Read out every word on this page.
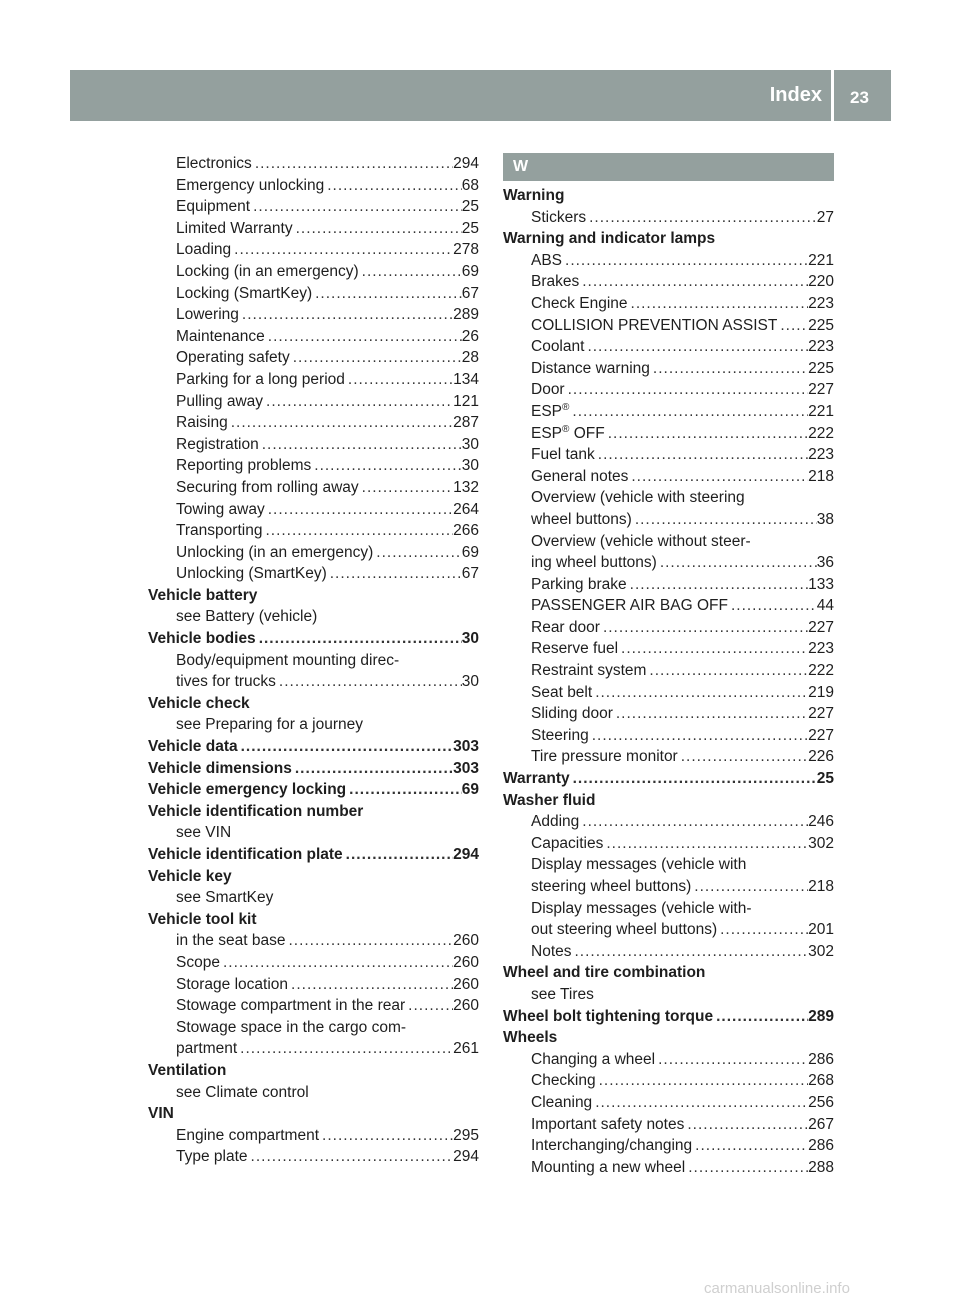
Index 23
Electronics .....	294
Emergency unlocking .....	68
Equipment .....	25
Limited Warranty .....	25
Loading .....	278
Locking (in an emergency) .....	69
Locking (SmartKey) .....	67
Lowering .....	289
Maintenance .....	26
Operating safety .....	28
Parking for a long period .....	134
Pulling away .....	121
Raising .....	287
Registration .....	30
Reporting problems .....	30
Securing from rolling away .....	132
Towing away .....	264
Transporting .....	266
Unlocking (in an emergency) .....	69
Unlocking (SmartKey) .....	67
Vehicle battery
see Battery (vehicle)
Vehicle bodies .....	30
Body/equipment mounting direc-
tives for trucks .....	30
Vehicle check
see Preparing for a journey
Vehicle data .....	303
Vehicle dimensions .....	303
Vehicle emergency locking .....	69
Vehicle identification number
see VIN
Vehicle identification plate .....	294
Vehicle key
see SmartKey
Vehicle tool kit
in the seat base .....	260
Scope .....	260
Storage location .....	260
Stowage compartment in the rear .....	260
Stowage space in the cargo com-
partment .....	261
Ventilation
see Climate control
VIN
Engine compartment .....	295
Type plate .....	294
W
Warning
Stickers .....	27
Warning and indicator lamps
ABS .....	221
Brakes .....	220
Check Engine .....	223
COLLISION PREVENTION ASSIST ..... 225
Coolant .....	223
Distance warning .....	225
Door .....	227
ESP® .....	221
ESP® OFF .....	222
Fuel tank .....	223
General notes .....	218
Overview (vehicle with steering
wheel buttons) .....	38
Overview (vehicle without steer-
ing wheel buttons) .....	36
Parking brake .....	133
PASSENGER AIR BAG OFF .....	44
Rear door .....	227
Reserve fuel .....	223
Restraint system .....	222
Seat belt .....	219
Sliding door .....	227
Steering .....	227
Tire pressure monitor .....	226
Warranty .....	25
Washer fluid
Adding .....	246
Capacities .....	302
Display messages (vehicle with
steering wheel buttons) .....	218
Display messages (vehicle with-
out steering wheel buttons) .....	201
Notes .....	302
Wheel and tire combination
see Tires
Wheel bolt tightening torque .....	289
Wheels
Changing a wheel .....	286
Checking .....	268
Cleaning .....	256
Important safety notes .....	267
Interchanging/changing .....	286
Mounting a new wheel .....	288
carmanualsonline.info
